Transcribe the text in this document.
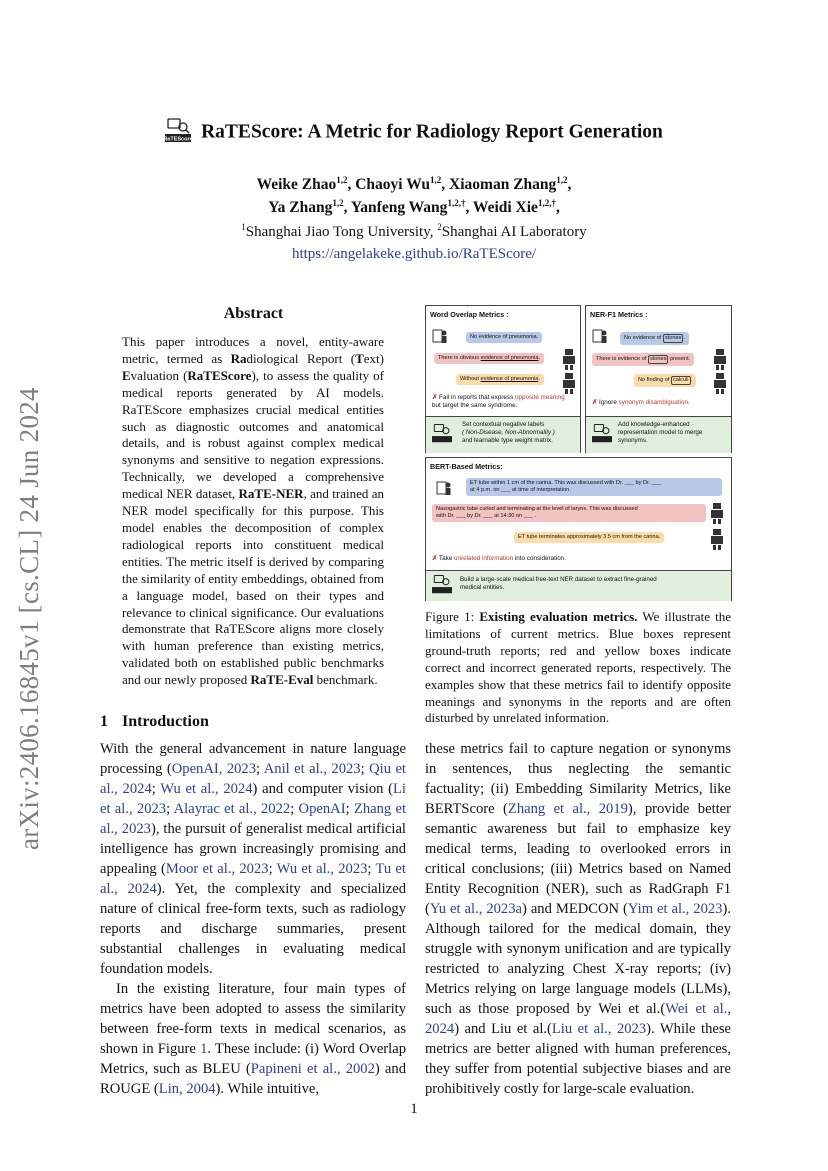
arXiv:2406.16845v1 [cs.CL] 24 Jun 2024
RaTEScore RaTEScore: A Metric for Radiology Report Generation
Weike Zhao$^{1,2}$, Chaoyi Wu$^{1,2}$, Xiaoman Zhang$^{1,2}$,
Ya Zhang$^{1,2}$, Yanfeng Wang$^{1,2,\dagger}$, Weidi Xie$^{1,2,\dagger}$,
$^1$Shanghai Jiao Tong University, $^2$Shanghai AI Laboratory
https://angelakeke.github.io/RaTEScore/
Abstract
This paper introduces a novel, entity-aware metric, termed as Radiological Report (Text) Evaluation (RaTEScore), to assess the quality of medical reports generated by AI models. RaTEScore emphasizes crucial medical entities such as diagnostic outcomes and anatomical details, and is robust against complex medical synonyms and sensitive to negation expressions. Technically, we developed a comprehensive medical NER dataset, RaTE-NER, and trained an NER model specifically for this purpose. This model enables the decomposition of complex radiological reports into constituent medical entities. The metric itself is derived by comparing the similarity of entity embeddings, obtained from a language model, based on their types and relevance to clinical significance. Our evaluations demonstrate that RaTEScore aligns more closely with human preference than existing metrics, validated both on established public benchmarks and our newly proposed RaTE-Eval benchmark.
Word Overlap Metrics :
No evidence of pneumonia.
There is obvious evidence of pneumonia.
Without evidence of pneumonia.
✗ Fail in reports that express opposite meaning but target the same syndrome.
Set contextual negative labels
( Non-Disease, Non-Abnormality )
and learnable type weight matrix.
NER-F1 Metrics :
No evidence of stones .
There is evidence of stones present.
No finding of calculi .
✗ Ignore synonym disambiguation.
Add knowledge-enhanced
representation model to merge
synonyms.
BERT-Based Metrics:
ET tube within 1 cm of the carina. This was discussed with Dr. ___ by Dr. ___
at 4 p.m. on ___ at time of interpretation.
Nasogastric tube curled and terminating at the level of larynx. This was discussed
with Dr. ___ by Dr. ___ at 14:30 on ___ .
ET tube terminates approximately 3.5 cm from the carina.
✗ Take unrelated information into consideration.
Build a large-scale medical free-text NER dataset to extract fine-grained
medical entities.
Figure 1: Existing evaluation metrics. We illustrate the limitations of current metrics. Blue boxes represent ground-truth reports; red and yellow boxes indicate correct and incorrect generated reports, respectively. The examples show that these metrics fail to identify opposite meanings and synonyms in the reports and are often disturbed by unrelated information.
1 Introduction

With the general advancement in nature language processing (OpenAI, 2023; Anil et al., 2023; Qiu et al., 2024; Wu et al., 2024) and computer vision (Li et al., 2023; Alayrac et al., 2022; OpenAI; Zhang et al., 2023), the pursuit of generalist medical artificial intelligence has grown increasingly promising and appealing (Moor et al., 2023; Wu et al., 2023; Tu et al., 2024). Yet, the complexity and specialized nature of clinical free-form texts, such as radiology reports and discharge summaries, present substantial challenges in evaluating medical foundation models.

In the existing literature, four main types of metrics have been adopted to assess the similarity between free-form texts in medical scenarios, as shown in Figure 1. These include: (i) Word Overlap Metrics, such as BLEU (Papineni et al., 2002) and ROUGE (Lin, 2004). While intuitive,

these metrics fail to capture negation or synonyms in sentences, thus neglecting the semantic factuality; (ii) Embedding Similarity Metrics, like BERTScore (Zhang et al., 2019), provide better semantic awareness but fail to emphasize key medical terms, leading to overlooked errors in critical conclusions; (iii) Metrics based on Named Entity Recognition (NER), such as RadGraph F1 (Yu et al., 2023a) and MEDCON (Yim et al., 2023). Although tailored for the medical domain, they struggle with synonym unification and are typically restricted to analyzing Chest X-ray reports; (iv) Metrics relying on large language models (LLMs), such as those proposed by Wei et al.(Wei et al., 2024) and Liu et al.(Liu et al., 2023). While these metrics are better aligned with human preferences, they suffer from potential subjective biases and are prohibitively costly for large-scale evaluation.

1
